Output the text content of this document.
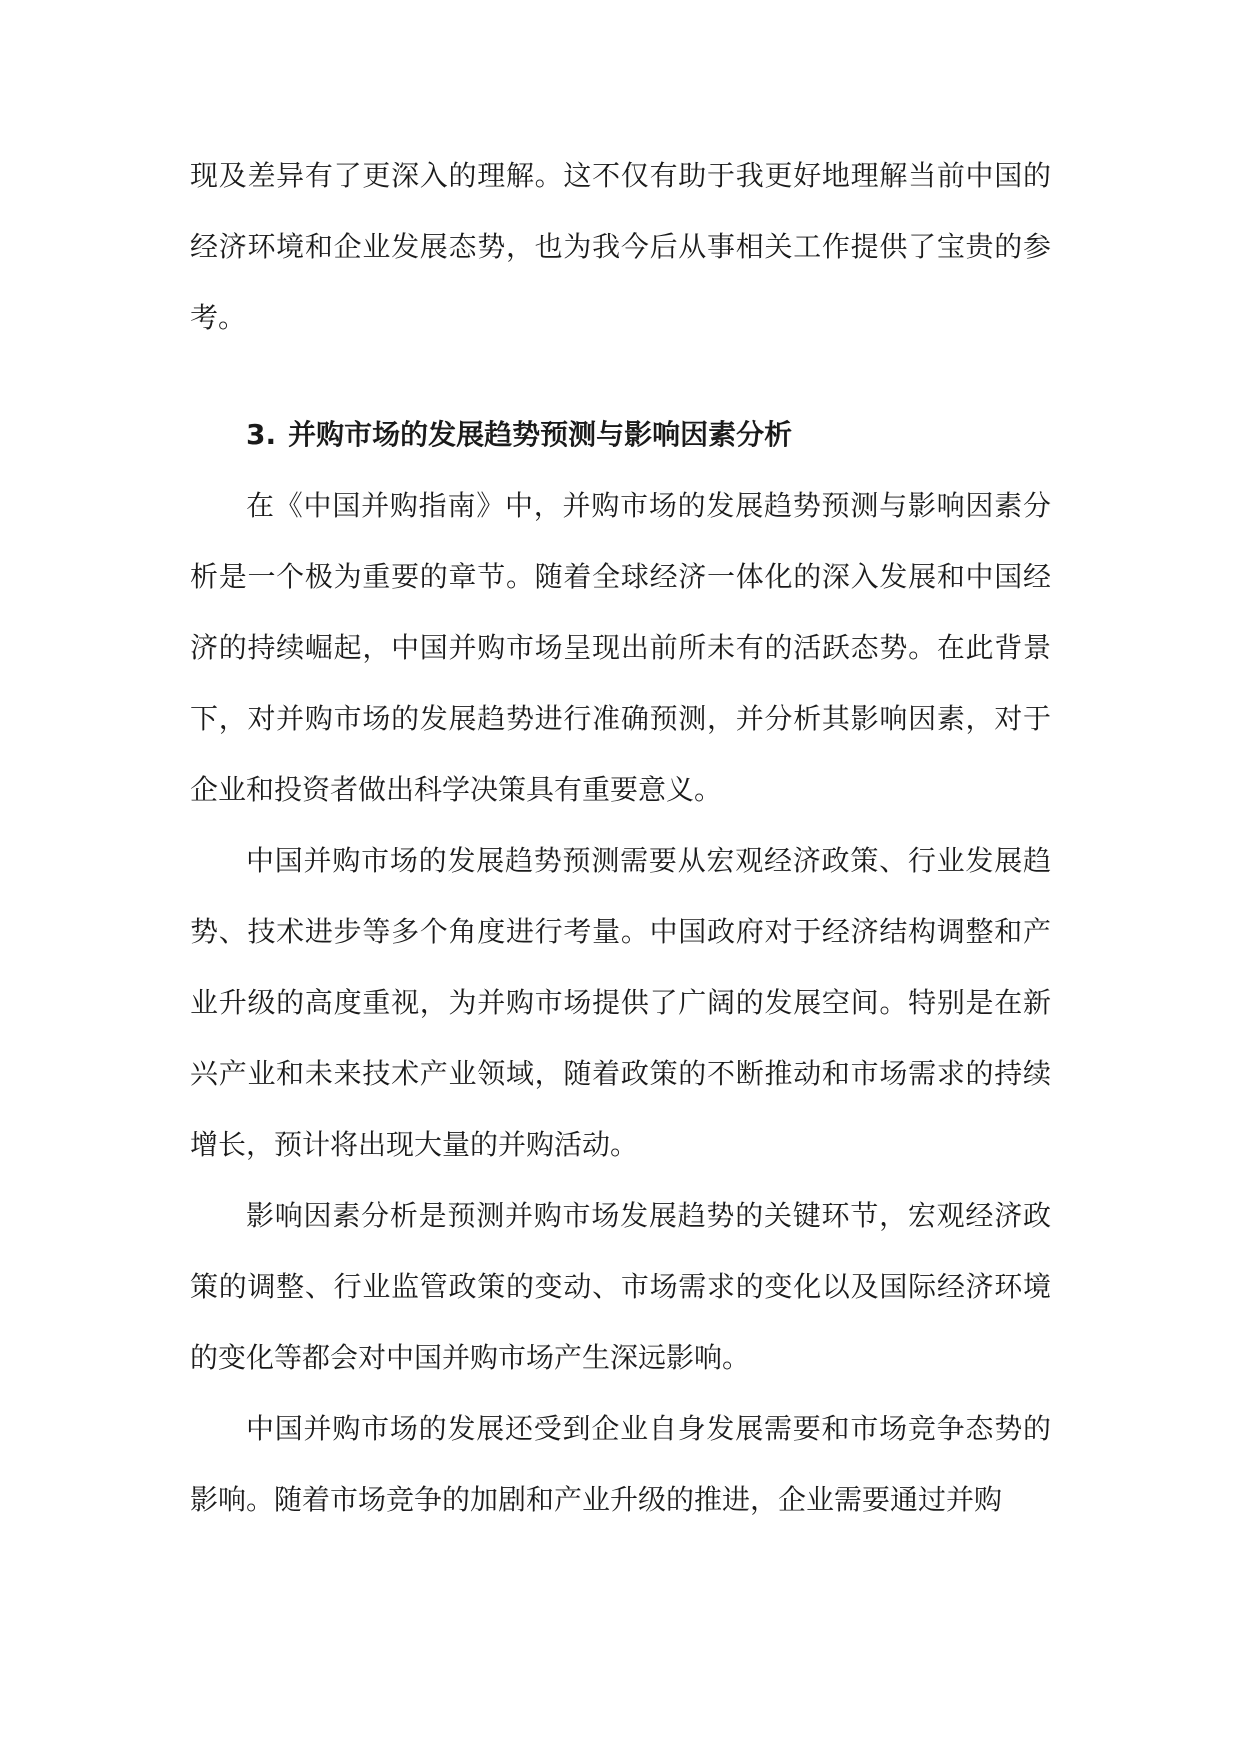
现及差异有了更深入的理解。这不仅有助于我更好地理解当前中国的经济环境和企业发展态势，也为我今后从事相关工作提供了宝贵的参考。

3. 并购市场的发展趋势预测与影响因素分析

在《中国并购指南》中，并购市场的发展趋势预测与影响因素分析是一个极为重要的章节。随着全球经济一体化的深入发展和中国经济的持续崛起，中国并购市场呈现出前所未有的活跃态势。在此背景下，对并购市场的发展趋势进行准确预测，并分析其影响因素，对于企业和投资者做出科学决策具有重要意义。

中国并购市场的发展趋势预测需要从宏观经济政策、行业发展趋势、技术进步等多个角度进行考量。中国政府对于经济结构调整和产业升级的高度重视，为并购市场提供了广阔的发展空间。特别是在新兴产业和未来技术产业领域，随着政策的不断推动和市场需求的持续增长，预计将出现大量的并购活动。

影响因素分析是预测并购市场发展趋势的关键环节，宏观经济政策的调整、行业监管政策的变动、市场需求的变化以及国际经济环境的变化等都会对中国并购市场产生深远影响。

中国并购市场的发展还受到企业自身发展需要和市场竞争态势的影响。随着市场竞争的加剧和产业升级的推进，企业需要通过并购
